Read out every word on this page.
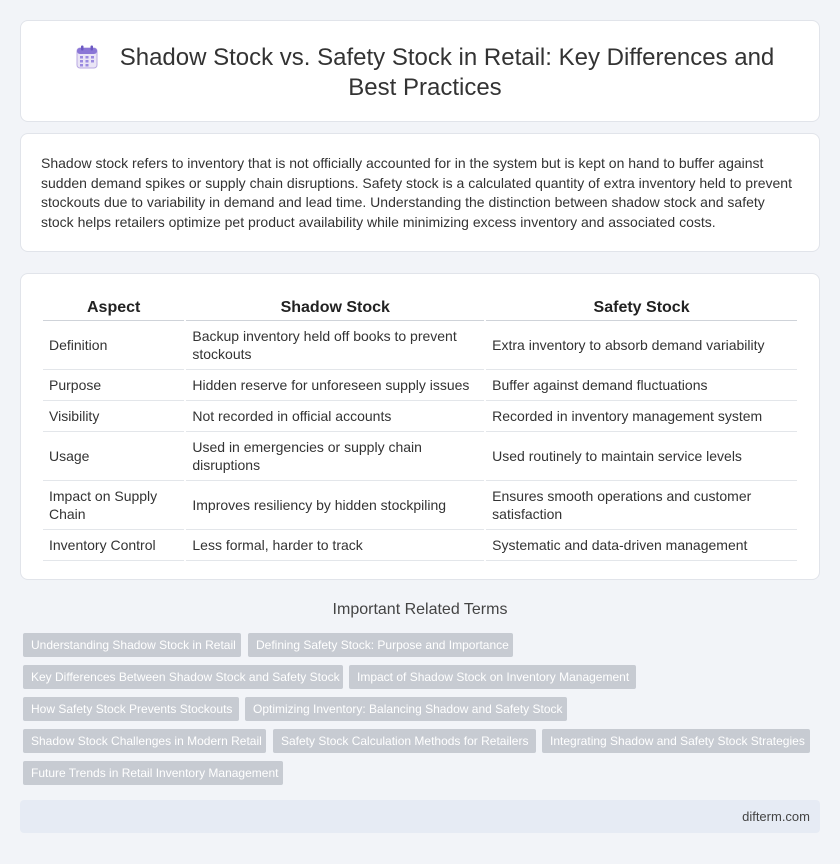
Shadow Stock vs. Safety Stock in Retail: Key Differences and Best Practices
Shadow stock refers to inventory that is not officially accounted for in the system but is kept on hand to buffer against sudden demand spikes or supply chain disruptions. Safety stock is a calculated quantity of extra inventory held to prevent stockouts due to variability in demand and lead time. Understanding the distinction between shadow stock and safety stock helps retailers optimize pet product availability while minimizing excess inventory and associated costs.
Aspect	Shadow Stock	Safety Stock
Definition	Backup inventory held off books to prevent stockouts	Extra inventory to absorb demand variability
Purpose	Hidden reserve for unforeseen supply issues	Buffer against demand fluctuations
Visibility	Not recorded in official accounts	Recorded in inventory management system
Usage	Used in emergencies or supply chain disruptions	Used routinely to maintain service levels
Impact on Supply Chain	Improves resiliency by hidden stockpiling	Ensures smooth operations and customer satisfaction
Inventory Control	Less formal, harder to track	Systematic and data-driven management
Important Related Terms
Understanding Shadow Stock in Retail	Defining Safety Stock: Purpose and Importance
Key Differences Between Shadow Stock and Safety Stock	Impact of Shadow Stock on Inventory Management
How Safety Stock Prevents Stockouts	Optimizing Inventory: Balancing Shadow and Safety Stock
Shadow Stock Challenges in Modern Retail	Safety Stock Calculation Methods for Retailers	Integrating Shadow and Safety Stock Strategies
Future Trends in Retail Inventory Management
difterm.com
